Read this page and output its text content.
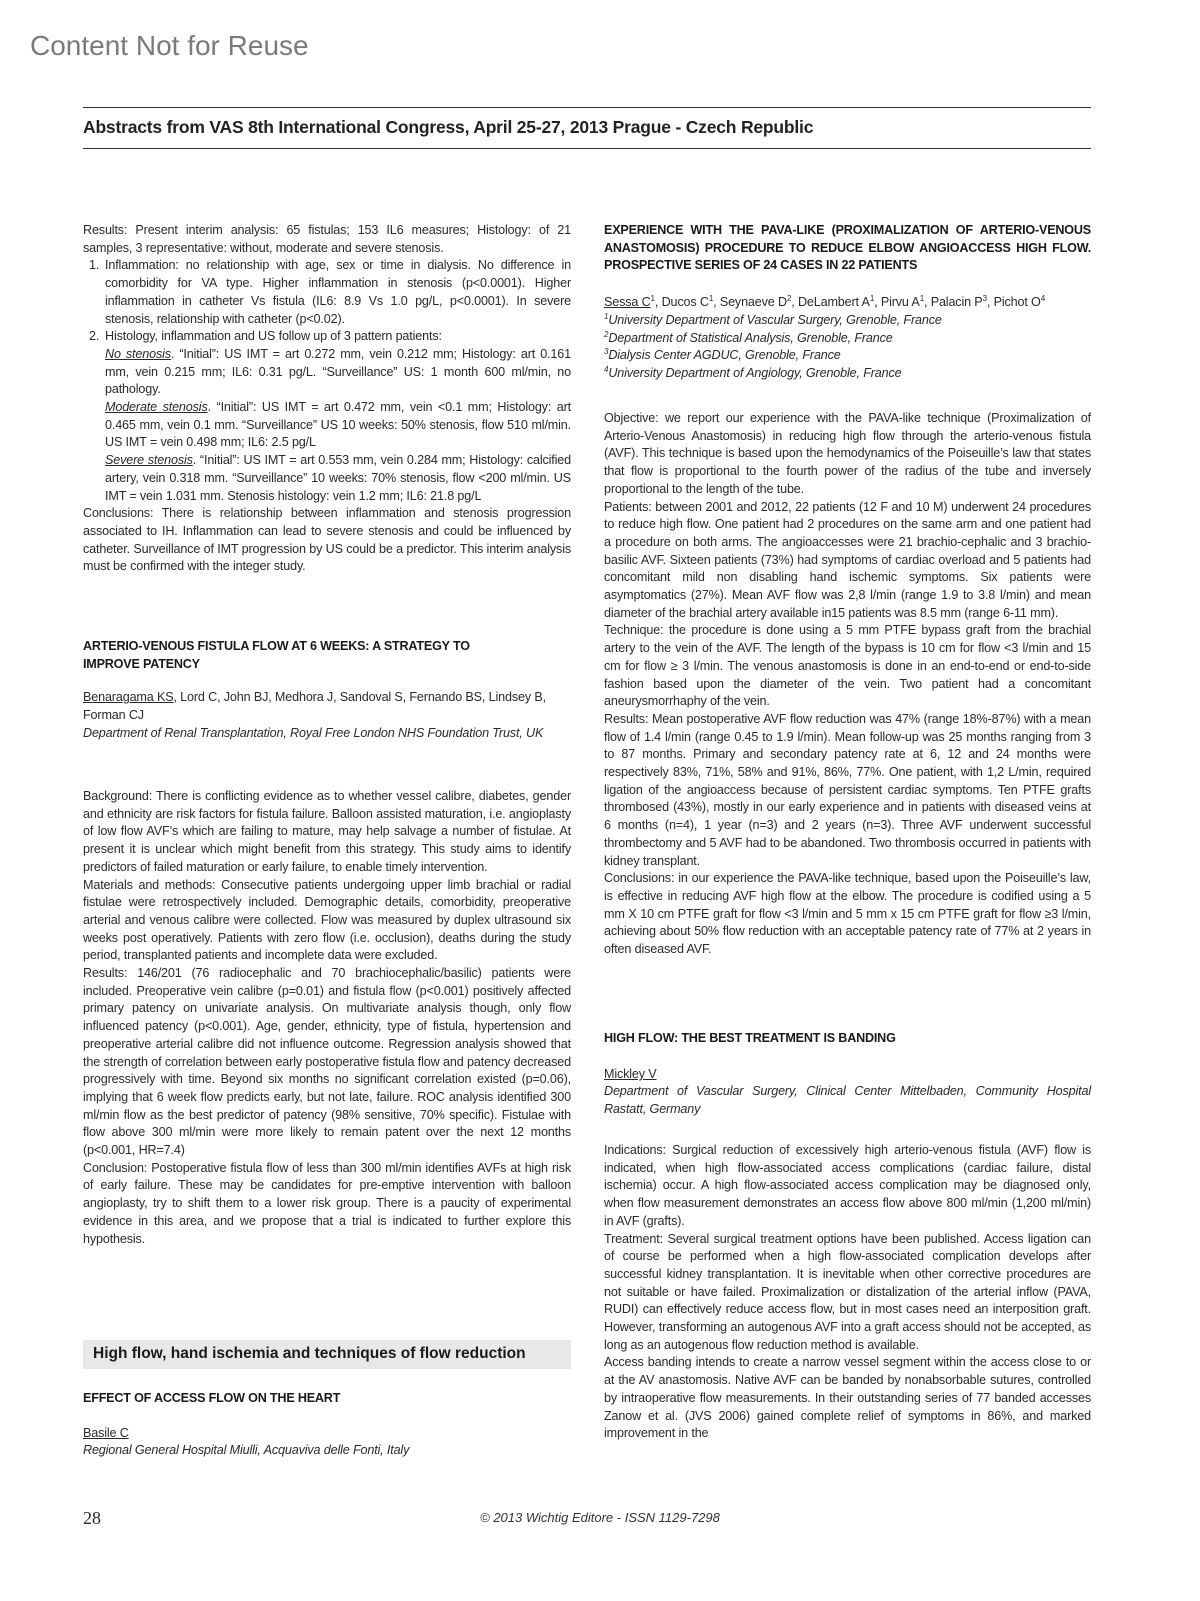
Content Not for Reuse
Abstracts from VAS 8th International Congress, April 25-27, 2013 Prague - Czech Republic

Results: Present interim analysis: 65 fistulas; 153 IL6 measures; Histology: of 21 samples, 3 representative: without, moderate and severe stenosis.

1. Inflammation: no relationship with age, sex or time in dialysis. No difference in comorbidity for VA type. Higher inflammation in stenosis (p<0.0001). Higher inflammation in catheter Vs fistula (IL6: 8.9 Vs 1.0 pg/L, p<0.0001). In severe stenosis, relationship with catheter (p<0.02).
2. Histology, inflammation and US follow up of 3 pattern patients:
No stenosis. “Initial”: US IMT = art 0.272 mm, vein 0.212 mm; Histology: art 0.161 mm, vein 0.215 mm; IL6: 0.31 pg/L. “Surveillance” US: 1 month 600 ml/min, no pathology.
Moderate stenosis. “Initial”: US IMT = art 0.472 mm, vein <0.1 mm; Histology: art 0.465 mm, vein 0.1 mm. “Surveillance” US 10 weeks: 50% stenosis, flow 510 ml/min. US IMT = vein 0.498 mm; IL6: 2.5 pg/L
Severe stenosis. “Initial”: US IMT = art 0.553 mm, vein 0.284 mm; Histology: calcified artery, vein 0.318 mm. “Surveillance” 10 weeks: 70% stenosis, flow <200 ml/min. US IMT = vein 1.031 mm. Stenosis histology: vein 1.2 mm; IL6: 21.8 pg/L

Conclusions: There is relationship between inflammation and stenosis progression associated to IH. Inflammation can lead to severe stenosis and could be influenced by catheter. Surveillance of IMT progression by US could be a predictor. This interim analysis must be confirmed with the integer study.

ARTERIO-VENOUS FISTULA FLOW AT 6 WEEKS: A STRATEGY TO IMPROVE PATENCY
Benaragama KS, Lord C, John BJ, Medhora J, Sandoval S, Fernando BS, Lindsey B, Forman CJ
Department of Renal Transplantation, Royal Free London NHS Foundation Trust, UK

Background: There is conflicting evidence as to whether vessel calibre, diabetes, gender and ethnicity are risk factors for fistula failure. Balloon assisted maturation, i.e. angioplasty of low flow AVF’s which are failing to mature, may help salvage a number of fistulae. At present it is unclear which might benefit from this strategy. This study aims to identify predictors of failed maturation or early failure, to enable timely intervention.

Materials and methods: Consecutive patients undergoing upper limb brachial or radial fistulae were retrospectively included. Demographic details, comorbidity, preoperative arterial and venous calibre were collected. Flow was measured by duplex ultrasound six weeks post operatively. Patients with zero flow (i.e. occlusion), deaths during the study period, transplanted patients and incomplete data were excluded.

Results: 146/201 (76 radiocephalic and 70 brachiocephalic/basilic) patients were included. Preoperative vein calibre (p=0.01) and fistula flow (p<0.001) positively affected primary patency on univariate analysis. On multivariate analysis though, only flow influenced patency (p<0.001). Age, gender, ethnicity, type of fistula, hypertension and preoperative arterial calibre did not influence outcome. Regression analysis showed that the strength of correlation between early postoperative fistula flow and patency decreased progressively with time. Beyond six months no significant correlation existed (p=0.06), implying that 6 week flow predicts early, but not late, failure. ROC analysis identified 300 ml/min flow as the best predictor of patency (98% sensitive, 70% specific). Fistulae with flow above 300 ml/min were more likely to remain patent over the next 12 months (p<0.001, HR=7.4)

Conclusion: Postoperative fistula flow of less than 300 ml/min identifies AVFs at high risk of early failure. These may be candidates for pre-emptive intervention with balloon angioplasty, try to shift them to a lower risk group. There is a paucity of experimental evidence in this area, and we propose that a trial is indicated to further explore this hypothesis.

High flow, hand ischemia and techniques of flow reduction
EFFECT OF ACCESS FLOW ON THE HEART
Basile C
Regional General Hospital Miulli, Acquaviva delle Fonti, Italy
EXPERIENCE WITH THE PAVA-LIKE (PROXIMALIZATION OF ARTERIO-VENOUS ANASTOMOSIS) PROCEDURE TO REDUCE ELBOW ANGIOACCESS HIGH FLOW. PROSPECTIVE SERIES OF 24 CASES IN 22 PATIENTS
Sessa $C^1$, Ducos $C^1$, Seynaeve $D^2$, DeLambert $A^1$, Pirvu $A^1$, Palacin $P^3$, Pichot $O^4$
$^1$University Department of Vascular Surgery, Grenoble, France
$^2$Department of Statistical Analysis, Grenoble, France
$^3$Dialysis Center AGDUC, Grenoble, France
$^4$University Department of Angiology, Grenoble, France

Objective: we report our experience with the PAVA-like technique (Proximalization of Arterio-Venous Anastomosis) in reducing high flow through the arterio-venous fistula (AVF). This technique is based upon the hemodynamics of the Poiseuille’s law that states that flow is proportional to the fourth power of the radius of the tube and inversely proportional to the length of the tube.

Patients: between 2001 and 2012, 22 patients (12 F and 10 M) underwent 24 procedures to reduce high flow. One patient had 2 procedures on the same arm and one patient had a procedure on both arms. The angioaccesses were 21 brachio-cephalic and 3 brachio-basilic AVF. Sixteen patients (73%) had symptoms of cardiac overload and 5 patients had concomitant mild non disabling hand ischemic symptoms. Six patients were asymptomatics (27%). Mean AVF flow was 2,8 l/min (range 1.9 to 3.8 l/min) and mean diameter of the brachial artery available in15 patients was 8.5 mm (range 6-11 mm).

Technique: the procedure is done using a 5 mm PTFE bypass graft from the brachial artery to the vein of the AVF. The length of the bypass is 10 cm for flow <3 l/min and 15 cm for flow ≥ 3 l/min. The venous anastomosis is done in an end-to-end or end-to-side fashion based upon the diameter of the vein. Two patient had a concomitant aneurysmorrhaphy of the vein.

Results: Mean postoperative AVF flow reduction was 47% (range 18%-87%) with a mean flow of 1.4 l/min (range 0.45 to 1.9 l/min). Mean follow-up was 25 months ranging from 3 to 87 months. Primary and secondary patency rate at 6, 12 and 24 months were respectively 83%, 71%, 58% and 91%, 86%, 77%. One patient, with 1,2 L/min, required ligation of the angioaccess because of persistent cardiac symptoms. Ten PTFE grafts thrombosed (43%), mostly in our early experience and in patients with diseased veins at 6 months (n=4), 1 year (n=3) and 2 years (n=3). Three AVF underwent successful thrombectomy and 5 AVF had to be abandoned. Two thrombosis occurred in patients with kidney transplant.

Conclusions: in our experience the PAVA-like technique, based upon the Poiseuille’s law, is effective in reducing AVF high flow at the elbow. The procedure is codified using a 5 mm X 10 cm PTFE graft for flow <3 l/min and 5 mm x 15 cm PTFE graft for flow ≥3 l/min, achieving about 50% flow reduction with an acceptable patency rate of 77% at 2 years in often diseased AVF.

HIGH FLOW: THE BEST TREATMENT IS BANDING
Mickley V
Department of Vascular Surgery, Clinical Center Mittelbaden, Community Hospital Rastatt, Germany

Indications: Surgical reduction of excessively high arterio-venous fistula (AVF) flow is indicated, when high flow-associated access complications (cardiac failure, distal ischemia) occur. A high flow-associated access complication may be diagnosed only, when flow measurement demonstrates an access flow above 800 ml/min (1,200 ml/min) in AVF (grafts).

Treatment: Several surgical treatment options have been published. Access ligation can of course be performed when a high flow-associated complication develops after successful kidney transplantation. It is inevitable when other corrective procedures are not suitable or have failed. Proximalization or distalization of the arterial inflow (PAVA, RUDI) can effectively reduce access flow, but in most cases need an interposition graft. However, transforming an autogenous AVF into a graft access should not be accepted, as long as an autogenous flow reduction method is available.

Access banding intends to create a narrow vessel segment within the access close to or at the AV anastomosis. Native AVF can be banded by nonabsorbable sutures, controlled by intraoperative flow measurements. In their outstanding series of 77 banded accesses Zanow et al. (JVS 2006) gained complete relief of symptoms in 86%, and marked improvement in the

28	© 2013 Wichtig Editore - ISSN 1129-7298
